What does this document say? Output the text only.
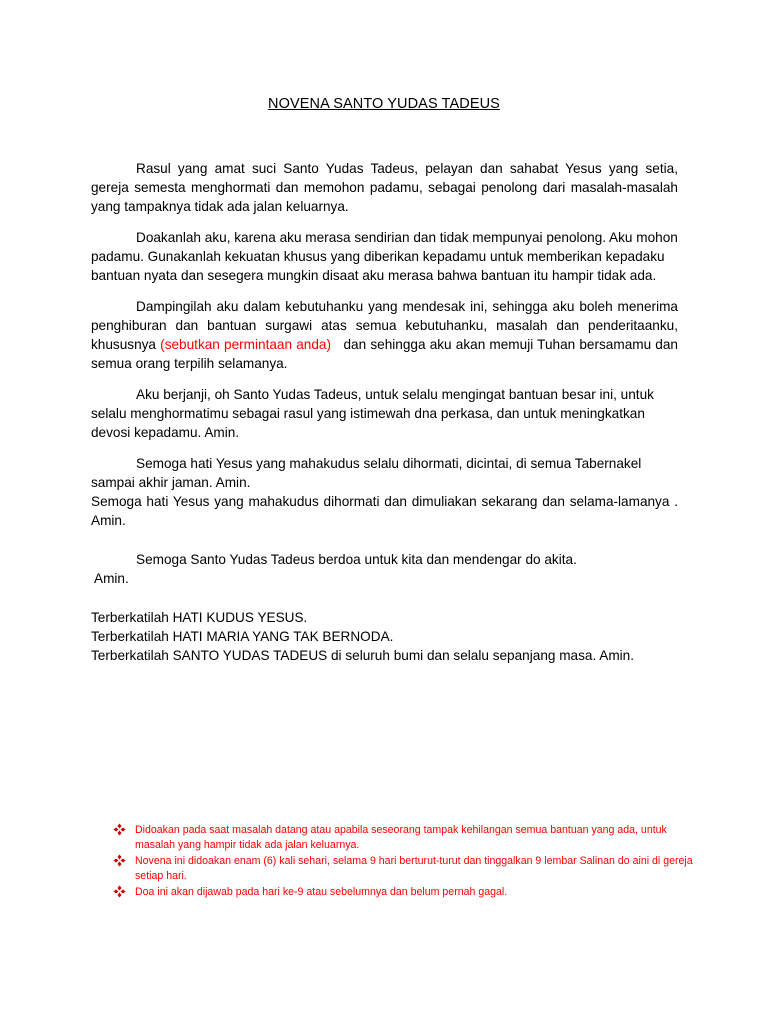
NOVENA SANTO YUDAS TADEUS

Rasul yang amat suci Santo Yudas Tadeus, pelayan dan sahabat Yesus yang setia, gereja semesta menghormati dan memohon padamu, sebagai penolong dari masalah-masalah yang tampaknya tidak ada jalan keluarnya.

Doakanlah aku, karena aku merasa sendirian dan tidak mempunyai penolong. Aku mohon padamu. Gunakanlah kekuatan khusus yang diberikan kepadamu untuk memberikan kepadaku bantuan nyata dan sesegera mungkin disaat aku merasa bahwa bantuan itu hampir tidak ada.

Dampingilah aku dalam kebutuhanku yang mendesak ini, sehingga aku boleh menerima penghiburan dan bantuan surgawi atas semua kebutuhanku, masalah dan penderitaanku, khususnya (sebutkan permintaan anda) dan sehingga aku akan memuji Tuhan bersamamu dan semua orang terpilih selamanya.

Aku berjanji, oh Santo Yudas Tadeus, untuk selalu mengingat bantuan besar ini, untuk selalu menghormatimu sebagai rasul yang istimewah dna perkasa, dan untuk meningkatkan devosi kepadamu. Amin.

Semoga hati Yesus yang mahakudus selalu dihormati, dicintai, di semua Tabernakel sampai akhir jaman. Amin.

Semoga hati Yesus yang mahakudus dihormati dan dimuliakan sekarang dan selama-lamanya . Amin.

Semoga Santo Yudas Tadeus berdoa untuk kita dan mendengar do akita.
Amin.

Terberkatilah HATI KUDUS YESUS.
Terberkatilah HATI MARIA YANG TAK BERNODA.
Terberkatilah SANTO YUDAS TADEUS di seluruh bumi dan selalu sepanjang masa. Amin.
Didoakan pada saat masalah datang atau apabila seseorang tampak kehilangan semua bantuan yang ada, untuk masalah yang hampir tidak ada jalan keluarnya.
Novena ini didoakan enam (6) kali sehari, selama 9 hari berturut-turut dan tinggalkan 9 lembar Salinan do aini di gereja setiap hari.
Doa ini akan dijawab pada hari ke-9 atau sebelumnya dan belum pernah gagal.
